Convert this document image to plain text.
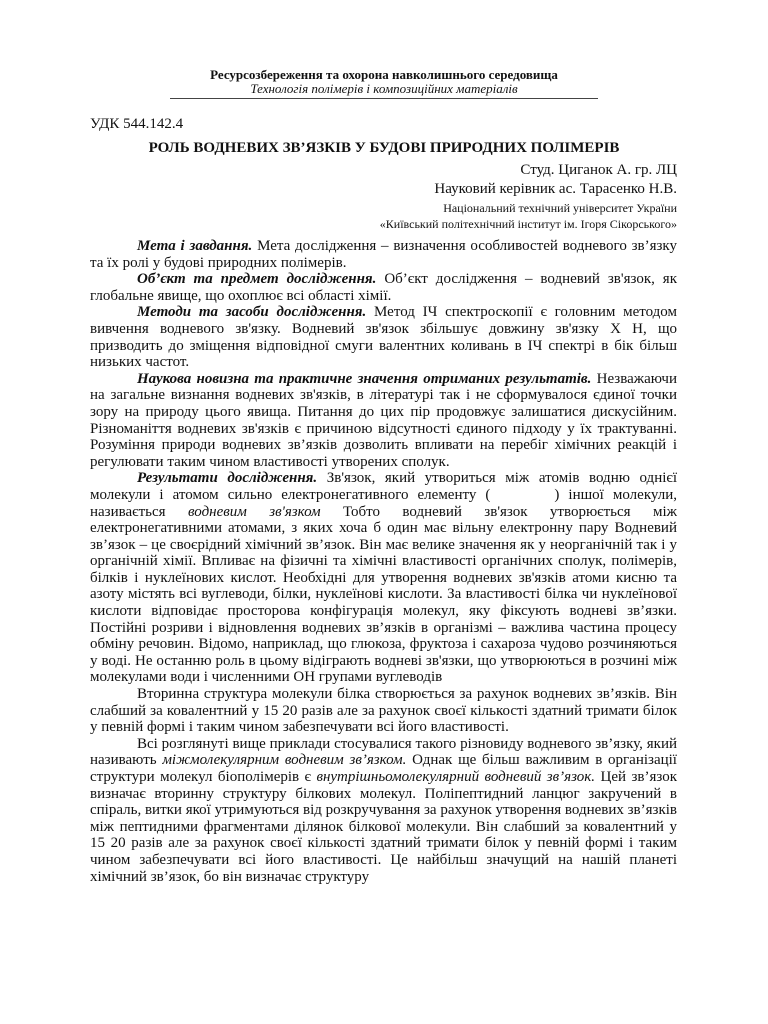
Ресурсозбереження та охорона навколишнього середовища
Технологія полімерів і композиційних матеріалів
УДК 544.142.4
РОЛЬ ВОДНЕВИХ ЗВ’ЯЗКІВ У БУДОВІ ПРИРОДНИХ ПОЛІМЕРІВ
Студ. Циганок А. гр. ЛЦ
Науковий керівник ас. Тарасенко Н.В.
Національний технічний університет України
«Київський політехнічний інститут ім. Ігоря Сікорського»

Мета і завдання. Мета дослідження – визначення особливостей водневого зв’язку та їх ролі у будові природних полімерів.

Об’єкт та предмет дослідження. Об’єкт дослідження – водневий зв'язок, як глобальне явище, що охоплює всі області хімії.

Методи та засоби дослідження. Метод ІЧ спектроскопії є головним методом вивчення водневого зв'язку. Водневий зв'язок збільшує довжину зв'язку Х Н, що призводить до зміщення відповідної смуги валентних коливань в ІЧ спектрі в бік більш низьких частот.

Наукова новизна та практичне значення отриманих результатів. Незважаючи на загальне визнання водневих зв'язків, в літературі так і не сформувалося єдиної точки зору на природу цього явища. Питання до цих пір продовжує залишатися дискусійним. Різноманіття водневих зв'язків є причиною відсутності єдиного підходу у їх трактуванні. Розуміння природи водневих зв’язків дозволить впливати на перебіг хімічних реакцій і регулювати таким чином властивості утворених сполук.

Результати дослідження. Зв'язок, який утвориться між атомів водню однієї молекули і атомом сильно електронегативного елементу (	) іншої молекули, називається водневим зв'язком Тобто водневий зв'язок утворюється між електронегативними атомами, з яких хоча б один має вільну електронну пару Водневий зв’язок – це своєрідний хімічний зв’язок. Він має велике значення як у неорганічній так і у органічній хімії. Впливає на фізичні та хімічні властивості органічних сполук, полімерів, білків і нуклеїнових кислот. Необхідні для утворення водневих зв'язків атоми кисню та азоту містять всі вуглеводи, білки, нуклеїнові кислоти. За властивості білка чи нуклеїнової кислоти відповідає просторова конфігурація молекул, яку фіксують водневі зв’язки. Постійні розриви і відновлення водневих зв’язків в організмі – важлива частина процесу обміну речовин. Відомо, наприклад, що глюкоза, фруктоза і сахароза чудово розчиняються у воді. Не останню роль в цьому відіграють водневі зв'язки, що утворюються в розчині між молекулами води і численними ОН групами вуглеводів

Вторинна структура молекули білка створюється за рахунок водневих зв’язків. Він слабший за ковалентний у 15 20 разів але за рахунок своєї кількості здатний тримати білок у певній формі і таким чином забезпечувати всі його властивості.

Всі розглянуті вище приклади стосувалися такого різновиду водневого зв’язку, який називають міжмолекулярним водневим зв’язком. Однак ще більш важливим в організації структури молекул біополімерів є внутрішньомолекулярний водневий зв’язок. Цей зв’язок визначає вторинну структуру білкових молекул. Поліпептидний ланцюг закручений в спіраль, витки якої утримуються від розкручування за рахунок утворення водневих зв’язків між пептидними фрагментами ділянок білкової молекули. Він слабший за ковалентний у 15 20 разів але за рахунок своєї кількості здатний тримати білок у певній формі і таким чином забезпечувати всі його властивості. Це найбільш значущий на нашій планеті хімічний зв’язок, бо він визначає структуру
